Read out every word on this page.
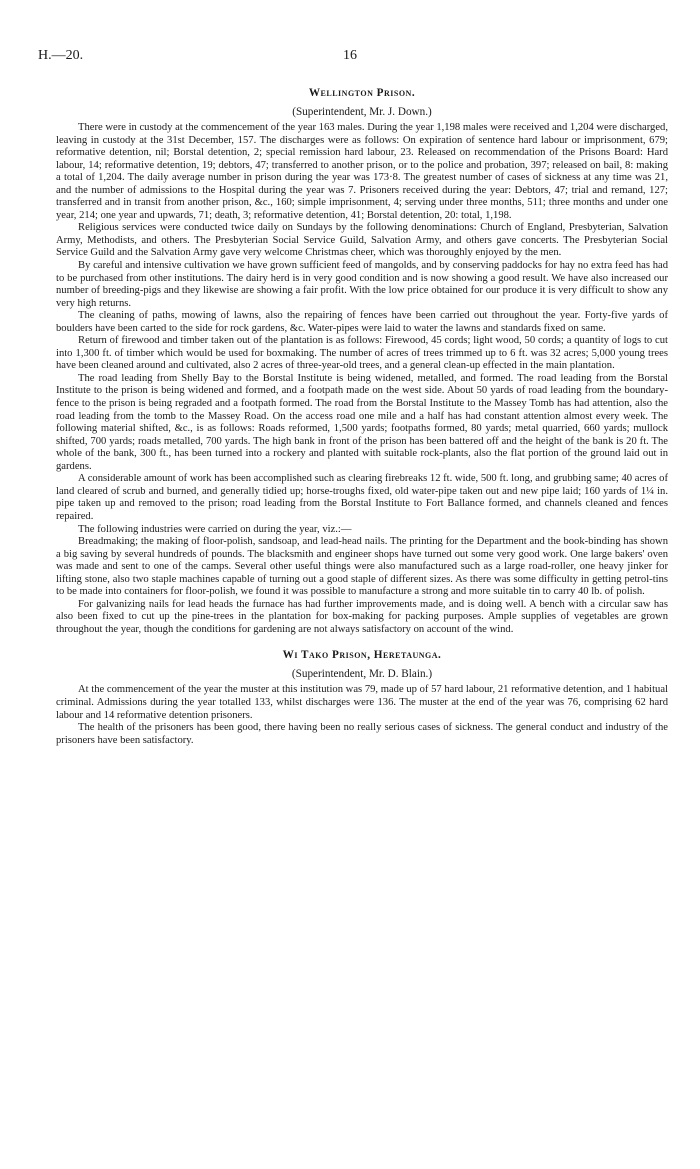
H.—20.	16
Wellington Prison.
(Superintendent, Mr. J. Down.)

There were in custody at the commencement of the year 163 males. During the year 1,198 males were received and 1,204 were discharged, leaving in custody at the 31st December, 157. The discharges were as follows: On expiration of sentence hard labour or imprisonment, 679; reformative detention, nil; Borstal detention, 2; special remission hard labour, 23. Released on recommendation of the Prisons Board: Hard labour, 14; reformative detention, 19; debtors, 47; transferred to another prison, or to the police and probation, 397; released on bail, 8: making a total of 1,204. The daily average number in prison during the year was 173·8. The greatest number of cases of sickness at any time was 21, and the number of admissions to the Hospital during the year was 7. Prisoners received during the year: Debtors, 47; trial and remand, 127; transferred and in transit from another prison, &c., 160; simple imprisonment, 4; serving under three months, 511; three months and under one year, 214; one year and upwards, 71; death, 3; reformative detention, 41; Borstal detention, 20: total, 1,198.

Religious services were conducted twice daily on Sundays by the following denominations: Church of England, Presbyterian, Salvation Army, Methodists, and others. The Presbyterian Social Service Guild, Salvation Army, and others gave concerts. The Presbyterian Social Service Guild and the Salvation Army gave very welcome Christmas cheer, which was thoroughly enjoyed by the men.

By careful and intensive cultivation we have grown sufficient feed of mangolds, and by conserving paddocks for hay no extra feed has had to be purchased from other institutions. The dairy herd is in very good condition and is now showing a good result. We have also increased our number of breeding-pigs and they likewise are showing a fair profit. With the low price obtained for our produce it is very difficult to show any very high returns.

The cleaning of paths, mowing of lawns, also the repairing of fences have been carried out throughout the year. Forty-five yards of boulders have been carted to the side for rock gardens, &c. Water-pipes were laid to water the lawns and standards fixed on same.

Return of firewood and timber taken out of the plantation is as follows: Firewood, 45 cords; light wood, 50 cords; a quantity of logs to cut into 1,300 ft. of timber which would be used for boxmaking. The number of acres of trees trimmed up to 6 ft. was 32 acres; 5,000 young trees have been cleaned around and cultivated, also 2 acres of three-year-old trees, and a general clean-up effected in the main plantation.

The road leading from Shelly Bay to the Borstal Institute is being widened, metalled, and formed. The road leading from the Borstal Institute to the prison is being widened and formed, and a footpath made on the west side. About 50 yards of road leading from the boundary-fence to the prison is being regraded and a footpath formed. The road from the Borstal Institute to the Massey Tomb has had attention, also the road leading from the tomb to the Massey Road. On the access road one mile and a half has had constant attention almost every week. The following material shifted, &c., is as follows: Roads reformed, 1,500 yards; footpaths formed, 80 yards; metal quarried, 660 yards; mullock shifted, 700 yards; roads metalled, 700 yards. The high bank in front of the prison has been battered off and the height of the bank is 20 ft. The whole of the bank, 300 ft., has been turned into a rockery and planted with suitable rock-plants, also the flat portion of the ground laid out in gardens.

A considerable amount of work has been accomplished such as clearing firebreaks 12 ft. wide, 500 ft. long, and grubbing same; 40 acres of land cleared of scrub and burned, and generally tidied up; horse-troughs fixed, old water-pipe taken out and new pipe laid; 160 yards of 1¼ in. pipe taken up and removed to the prison; road leading from the Borstal Institute to Fort Ballance formed, and channels cleaned and fences repaired.

The following industries were carried on during the year, viz.:—

Breadmaking; the making of floor-polish, sandsoap, and lead-head nails. The printing for the Department and the book-binding has shown a big saving by several hundreds of pounds. The blacksmith and engineer shops have turned out some very good work. One large bakers' oven was made and sent to one of the camps. Several other useful things were also manufactured such as a large road-roller, one heavy jinker for lifting stone, also two staple machines capable of turning out a good staple of different sizes. As there was some difficulty in getting petrol-tins to be made into containers for floor-polish, we found it was possible to manufacture a strong and more suitable tin to carry 40 lb. of polish.

For galvanizing nails for lead heads the furnace has had further improvements made, and is doing well. A bench with a circular saw has also been fixed to cut up the pine-trees in the plantation for box-making for packing purposes. Ample supplies of vegetables are grown throughout the year, though the conditions for gardening are not always satisfactory on account of the wind.

Wi Tako Prison, Heretaunga.
(Superintendent, Mr. D. Blain.)

At the commencement of the year the muster at this institution was 79, made up of 57 hard labour, 21 reformative detention, and 1 habitual criminal. Admissions during the year totalled 133, whilst discharges were 136. The muster at the end of the year was 76, comprising 62 hard labour and 14 reformative detention prisoners.

The health of the prisoners has been good, there having been no really serious cases of sickness. The general conduct and industry of the prisoners have been satisfactory.
